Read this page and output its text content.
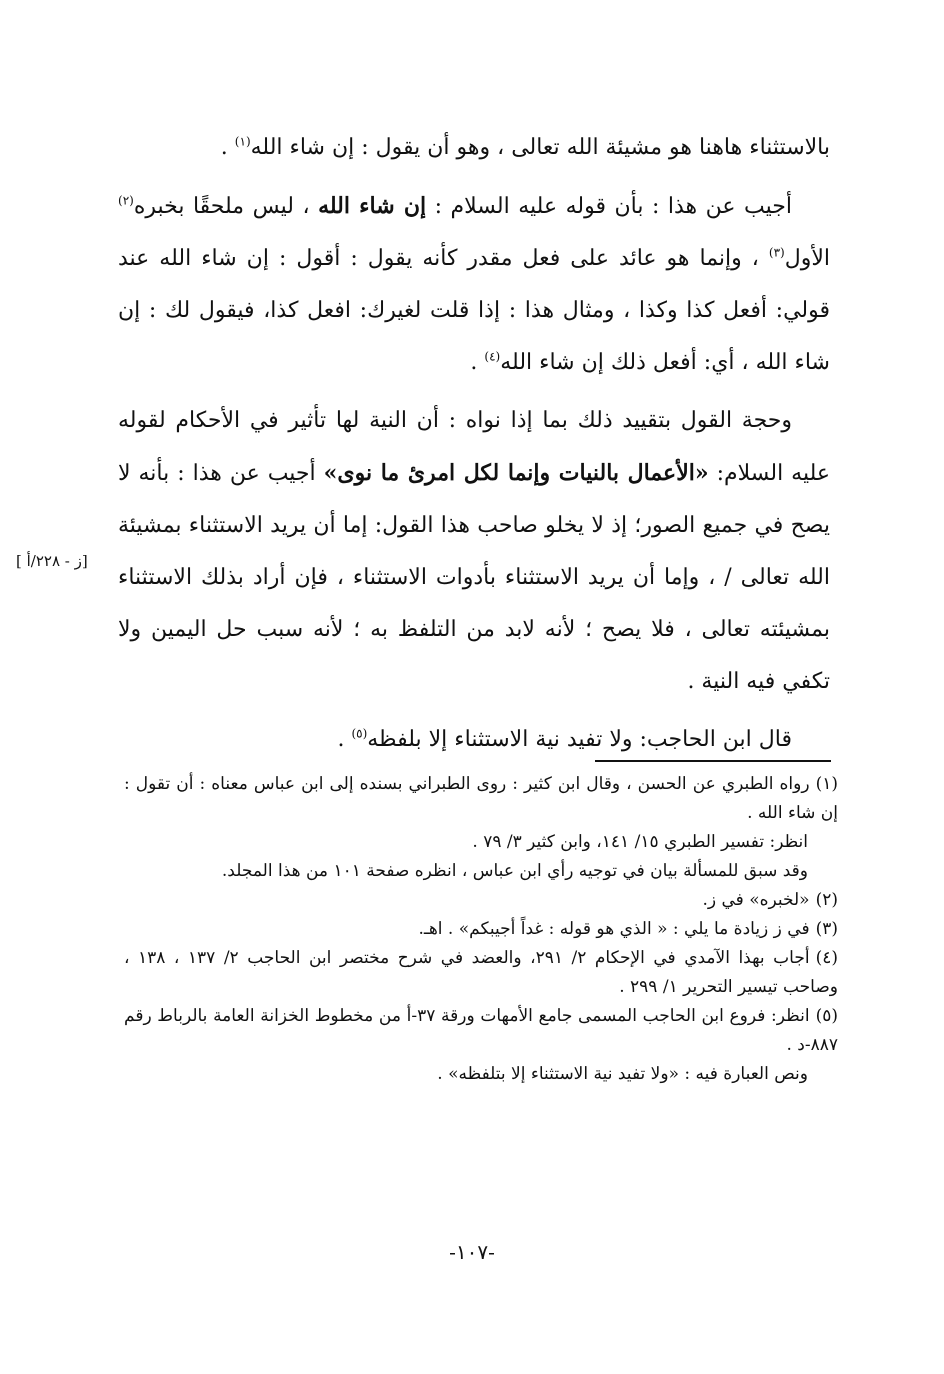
بالاستثناء هاهنا هو مشيئة الله تعالى ، وهو أن يقول : إن شاء الله$^{(١)}$ .

أجيب عن هذا : بأن قوله عليه السلام : إن شاء الله ، ليس ملحقًا بخبره$^{(٢)}$ الأول$^{(٣)}$ ، وإنما هو عائد على فعل مقدر كأنه يقول : أقول : إن شاء الله عند قولي: أفعل كذا وكذا ، ومثال هذا : إذا قلت لغيرك: افعل كذا، فيقول لك : إن شاء الله ، أي: أفعل ذلك إن شاء الله$^{(٤)}$ .

وحجة القول بتقييد ذلك بما إذا نواه : أن النية لها تأثير في الأحكام لقوله عليه السلام: «الأعمال بالنيات وإنما لكل امرئ ما نوى» أجيب عن هذا : بأنه لا يصح في جميع الصور؛ إذ لا يخلو صاحب هذا القول: إما أن يريد الاستثناء بمشيئة الله تعالى / ، وإما أن يريد الاستثناء بأدوات الاستثناء ، فإن أراد بذلك الاستثناء بمشيئته تعالى ، فلا يصح ؛ لأنه لابد من التلفظ به ؛ لأنه سبب حل اليمين ولا تكفي فيه النية .

قال ابن الحاجب: ولا تفيد نية الاستثناء إلا بلفظه$^{(٥)}$ .

[ز - ٢٢٨/أ ]

(١)رواه الطبري عن الحسن ، وقال ابن كثير : روى الطبراني بسنده إلى ابن عباس معناه : أن تقول : إن شاء الله .

انظر: تفسير الطبري ١٥/ ١٤١، وابن كثير ٣/ ٧٩ .

وقد سبق للمسألة بيان في توجيه رأي ابن عباس ، انظره صفحة ١٠١ من هذا المجلد.

(٢)«لخبره» في ز.

(٣)في ز زيادة ما يلي : « الذي هو قوله : غداً أجيبكم» . اهـ.

(٤)أجاب بهذا الآمدي في الإحكام ٢/ ٢٩١، والعضد في شرح مختصر ابن الحاجب ٢/ ١٣٧ ، ١٣٨ ، وصاحب تيسير التحرير ١/ ٢٩٩ .

(٥)انظر: فروع ابن الحاجب المسمى جامع الأمهات ورقة ٣٧-أ من مخطوط الخزانة العامة بالرباط رقم ٨٨٧-د .

ونص العبارة فيه : «ولا تفيد نية الاستثناء إلا بتلفظه» .

-١٠٧-
